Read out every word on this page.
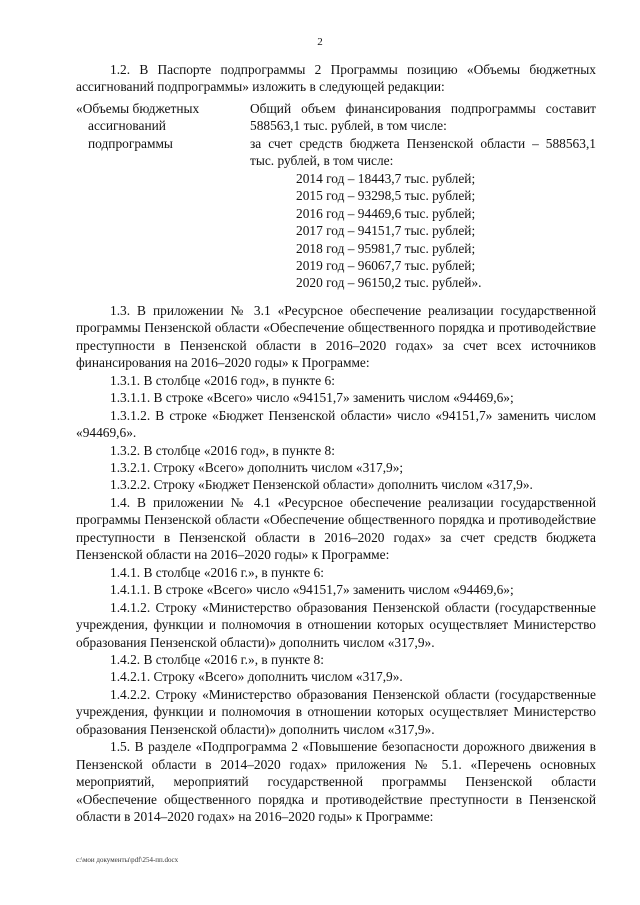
2

1.2. В Паспорте подпрограммы 2 Программы позицию «Объемы бюджетных ассигнований подпрограммы» изложить в следующей редакции:

«Объемы бюджетных
ассигнований
подпрограммы

Общий объем финансирования подпрограммы составит 588563,1 тыс. рублей, в том числе:

за счет средств бюджета Пензенской области – 588563,1 тыс. рублей, в том числе:

2014 год – 18443,7 тыс. рублей;
2015 год – 93298,5 тыс. рублей;
2016 год – 94469,6 тыс. рублей;
2017 год – 94151,7 тыс. рублей;
2018 год – 95981,7 тыс. рублей;
2019 год – 96067,7 тыс. рублей;
2020 год – 96150,2 тыс. рублей».

1.3. В приложении № 3.1 «Ресурсное обеспечение реализации государственной программы Пензенской области «Обеспечение общественного порядка и противодействие преступности в Пензенской области в 2016–2020 годах» за счет всех источников финансирования на 2016–2020 годы» к Программе:

1.3.1. В столбце «2016 год», в пункте 6:

1.3.1.1. В строке «Всего» число «94151,7» заменить числом «94469,6»;

1.3.1.2. В строке «Бюджет Пензенской области» число «94151,7» заменить числом «94469,6».

1.3.2. В столбце «2016 год», в пункте 8:

1.3.2.1. Строку «Всего» дополнить числом «317,9»;

1.3.2.2. Строку «Бюджет Пензенской области» дополнить числом «317,9».

1.4. В приложении № 4.1 «Ресурсное обеспечение реализации государственной программы Пензенской области «Обеспечение общественного порядка и противодействие преступности в Пензенской области в 2016–2020 годах» за счет средств бюджета Пензенской области на 2016–2020 годы» к Программе:

1.4.1. В столбце «2016 г.», в пункте 6:

1.4.1.1. В строке «Всего» число «94151,7» заменить числом «94469,6»;

1.4.1.2. Строку «Министерство образования Пензенской области (государственные учреждения, функции и полномочия в отношении которых осуществляет Министерство образования Пензенской области)» дополнить числом «317,9».

1.4.2. В столбце «2016 г.», в пункте 8:

1.4.2.1. Строку «Всего» дополнить числом «317,9».

1.4.2.2. Строку «Министерство образования Пензенской области (государственные учреждения, функции и полномочия в отношении которых осуществляет Министерство образования Пензенской области)» дополнить числом «317,9».

1.5. В разделе «Подпрограмма 2 «Повышение безопасности дорожного движения в Пензенской области в 2014–2020 годах» приложения № 5.1. «Перечень основных мероприятий, мероприятий государственной программы Пензенской области «Обеспечение общественного порядка и противодействие преступности в Пензенской области в 2014–2020 годах» на 2016–2020 годы» к Программе:

c:\мои документы\pdf\254-пп.docx
